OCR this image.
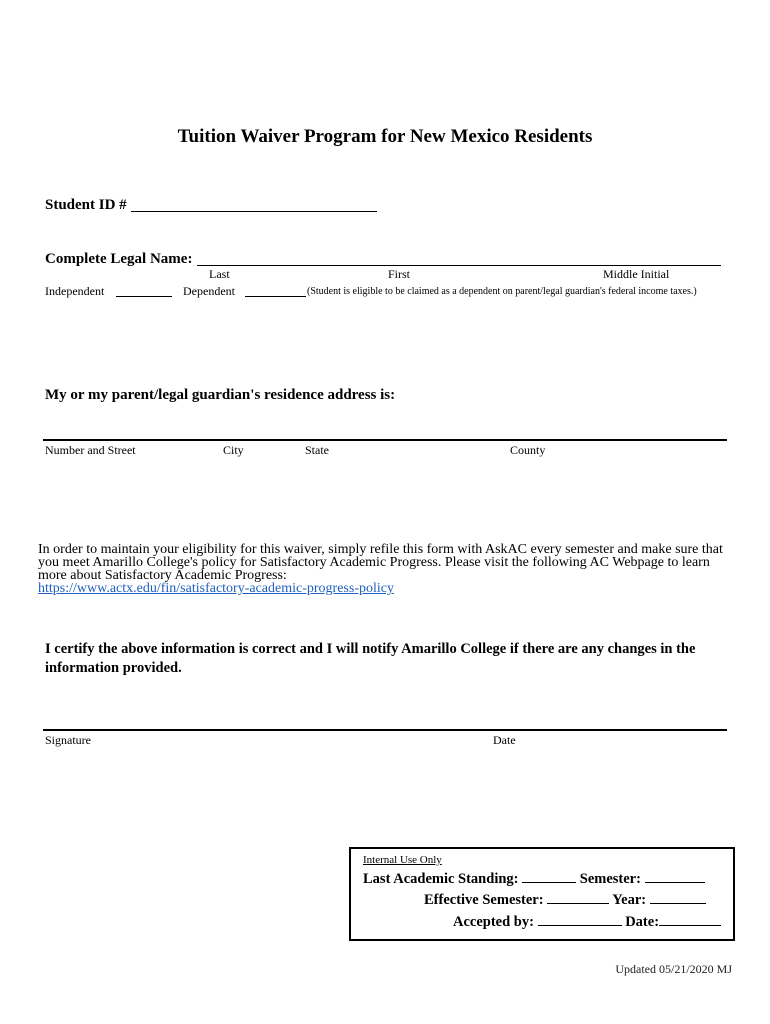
Tuition Waiver Program for New Mexico Residents
Student ID #
Complete Legal Name:
Last	First	Middle Initial
Independent	Dependent	(Student is eligible to be claimed as a dependent on parent/legal guardian's federal income taxes.)
My or my parent/legal guardian's residence address is:
Number and Street	City	State	County
In order to maintain your eligibility for this waiver, simply refile this form with AskAC every semester and make sure that you meet Amarillo College's policy for Satisfactory Academic Progress. Please visit the following AC Webpage to learn more about Satisfactory Academic Progress:
https://www.actx.edu/fin/satisfactory-academic-progress-policy
I certify the above information is correct and I will notify Amarillo College if there are any changes in the information provided.
Signature	Date
Internal Use Only
Last Academic Standing:	Semester:
Effective Semester:	Year:
Accepted by:	Date:
Updated 05/21/2020 MJ
